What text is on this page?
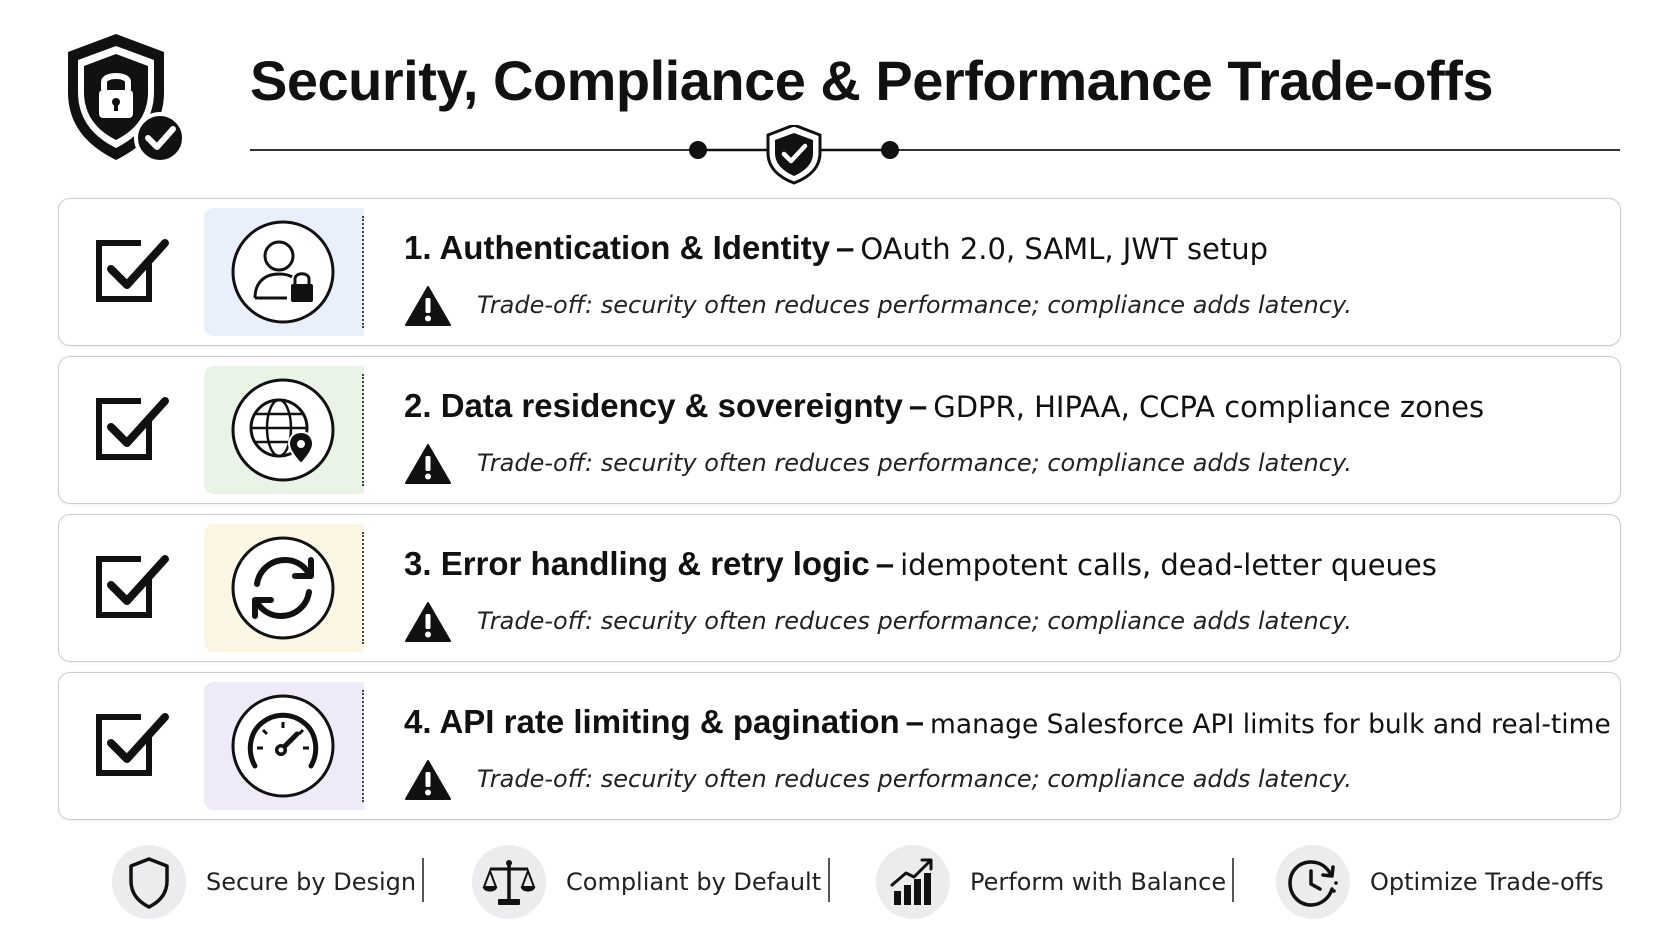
Security, Compliance & Performance Trade-offs
1. Authentication & Identity – OAuth 2.0, SAML, JWT setup
Trade-off: security often reduces performance; compliance adds latency.
2. Data residency & sovereignty – GDPR, HIPAA, CCPA compliance zones
Trade-off: security often reduces performance; compliance adds latency.
3. Error handling & retry logic – idempotent calls, dead-letter queues
Trade-off: security often reduces performance; compliance adds latency.
4. API rate limiting & pagination – manage Salesforce API limits for bulk and real-time
Trade-off: security often reduces performance; compliance adds latency.
Secure by Design	Compliant by Default	Perform with Balance	Optimize Trade-offs
